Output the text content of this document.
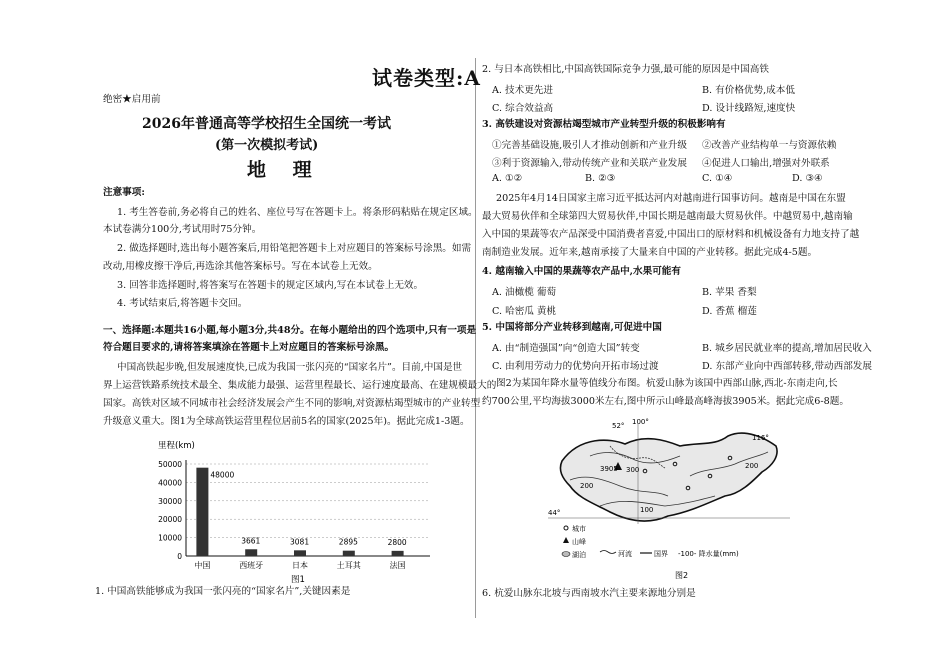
试卷类型:A
绝密★启用前
2026年普通高等学校招生全国统一考试
(第一次模拟考试)
地 理
注意事项:
1. 考生答卷前,务必将自己的姓名、座位号写在答题卡上。将条形码粘贴在规定区域。
本试卷满分100分,考试用时75分钟。
2. 做选择题时,选出每小题答案后,用铅笔把答题卡上对应题目的答案标号涂黑。如需
改动,用橡皮擦干净后,再选涂其他答案标号。写在本试卷上无效。
3. 回答非选择题时,将答案写在答题卡的规定区域内,写在本试卷上无效。
4. 考试结束后,将答题卡交回。
一、选择题:本题共16小题,每小题3分,共48分。在每小题给出的四个选项中,只有一项是
符合题目要求的,请将答案填涂在答题卡上对应题目的答案标号涂黑。
中国高铁起步晚,但发展速度快,已成为我国一张闪亮的“国家名片”。目前,中国是世
界上运营铁路系统技术最全、集成能力最强、运营里程最长、运行速度最高、在建规模最大的
国家。高铁对区域不同城市社会经济发展会产生不同的影响,对资源枯竭型城市的产业转型
升级意义重大。图1为全球高铁运营里程位居前5名的国家(2025年)。据此完成1-3题。
里程(km)
50000
40000
30000
20000
10000
0
48000
中国
3661
西班牙
3081
日本
2895
土耳其
2800
法国
图1
1. 中国高铁能够成为我国一张闪亮的“国家名片”,关键因素是
2. 与日本高铁相比,中国高铁国际竞争力强,最可能的原因是中国高铁
A. 技术更先进	B. 有价格优势,成本低
C. 综合效益高	D. 设计线路短,速度快
3. 高铁建设对资源枯竭型城市产业转型升级的积极影响有
①完善基础设施,吸引人才推动创新和产业升级 ②改善产业结构单一与资源依赖
③利于资源输入,带动传统产业和关联产业发展 ④促进人口输出,增强对外联系
A. ①②	B. ②③	C. ①④	D. ③④
2025年4月14日国家主席习近平抵达河内对越南进行国事访问。越南是中国在东盟
最大贸易伙伴和全球第四大贸易伙伴,中国长期是越南最大贸易伙伴。中越贸易中,越南输
入中国的果蔬等农产品深受中国消费者喜爱,中国出口的原材料和机械设备有力地支持了越
南制造业发展。近年来,越南承接了大量来自中国的产业转移。据此完成4-5题。
4. 越南输入中国的果蔬等农产品中,水果可能有
A. 油橄榄 葡萄	B. 苹果 香梨
C. 哈密瓜 黄桃	D. 香蕉 榴莲
5. 中国将部分产业转移到越南,可促进中国
A. 由“制造强国”向“创造大国”转变	B. 城乡居民就业率的提高,增加居民收入
C. 由利用劳动力的优势向开拓市场过渡	D. 东部产业向中西部转移,带动西部发展
图2为某国年降水量等值线分布图。杭爱山脉为该国中西部山脉,西北-东南走向,长
约700公里,平均海拔3000米左右,图中所示山峰最高峰海拔3905米。据此完成6-8题。
3905 300
200
100
200
100°
116°
52°
44°
城市
山峰
湖泊	河流	国界 -100- 降水量(mm)
图2
6. 杭爱山脉东北坡与西南坡水汽主要来源地分别是
